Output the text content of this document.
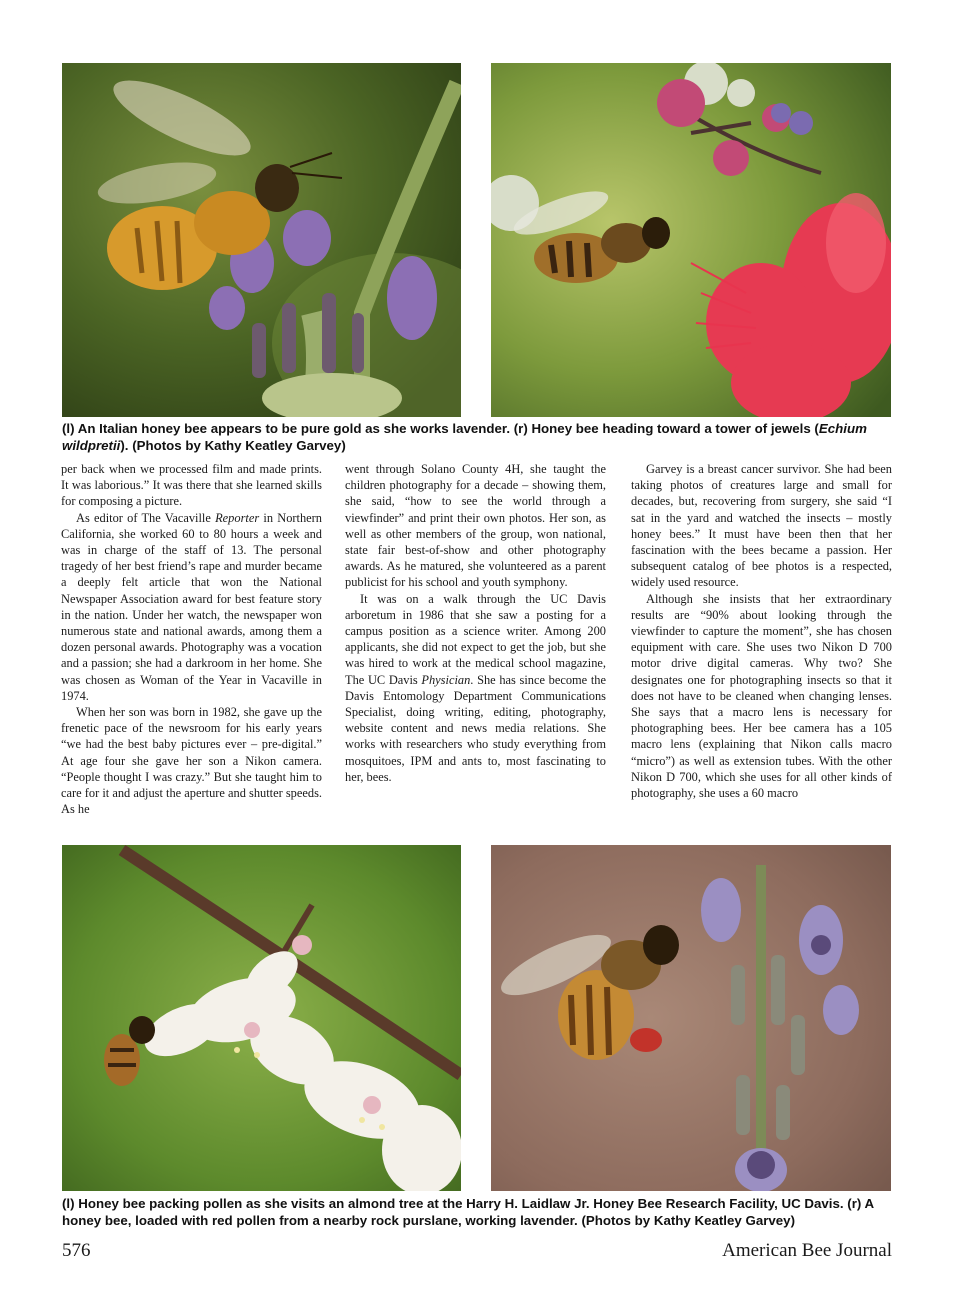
(l) An Italian honey bee appears to be pure gold as she works lavender. (r) Honey bee heading toward a tower of jewels (Echium wildpretii). (Photos by Kathy Keatley Garvey)

per back when we processed film and made prints. It was laborious.” It was there that she learned skills for composing a picture.

As editor of The Vacaville Reporter in Northern California, she worked 60 to 80 hours a week and was in charge of the staff of 13. The personal tragedy of her best friend’s rape and murder became a deeply felt article that won the National Newspaper Association award for best feature story in the nation. Under her watch, the newspaper won numerous state and national awards, among them a dozen personal awards. Photography was a vocation and a passion; she had a darkroom in her home. She was chosen as Woman of the Year in Vacaville in 1974.

When her son was born in 1982, she gave up the frenetic pace of the newsroom for his early years “we had the best baby pictures ever – pre-digital.” At age four she gave her son a Nikon camera. “People thought I was crazy.” But she taught him to care for it and adjust the aperture and shutter speeds. As he

went through Solano County 4H, she taught the children photography for a decade – showing them, she said, “how to see the world through a viewfinder” and print their own photos. Her son, as well as other members of the group, won national, state fair best-of-show and other photography awards. As he matured, she volunteered as a parent publicist for his school and youth symphony.

It was on a walk through the UC Davis arboretum in 1986 that she saw a posting for a campus position as a science writer. Among 200 applicants, she did not expect to get the job, but she was hired to work at the medical school magazine, The UC Davis Physician. She has since become the Davis Entomology Department Communications Specialist, doing writing, editing, photography, website content and news media relations. She works with researchers who study everything from mosquitoes, IPM and ants to, most fascinating to her, bees.

Garvey is a breast cancer survivor. She had been taking photos of creatures large and small for decades, but, recovering from surgery, she said “I sat in the yard and watched the insects – mostly honey bees.” It must have been then that her fascination with the bees became a passion. Her subsequent catalog of bee photos is a respected, widely used resource.

Although she insists that her extraordinary results are “90% about looking through the viewfinder to capture the moment”, she has chosen equipment with care. She uses two Nikon D 700 motor drive digital cameras. Why two? She designates one for photographing insects so that it does not have to be cleaned when changing lenses. She says that a macro lens is necessary for photographing bees. Her bee camera has a 105 macro lens (explaining that Nikon calls macro “micro”) as well as extension tubes. With the other Nikon D 700, which she uses for all other kinds of photography, she uses a 60 macro

(l) Honey bee packing pollen as she visits an almond tree at the Harry H. Laidlaw Jr. Honey Bee Research Facility, UC Davis. (r) A honey bee, loaded with red pollen from a nearby rock purslane, working lavender. (Photos by Kathy Keatley Garvey)
576	American Bee Journal
